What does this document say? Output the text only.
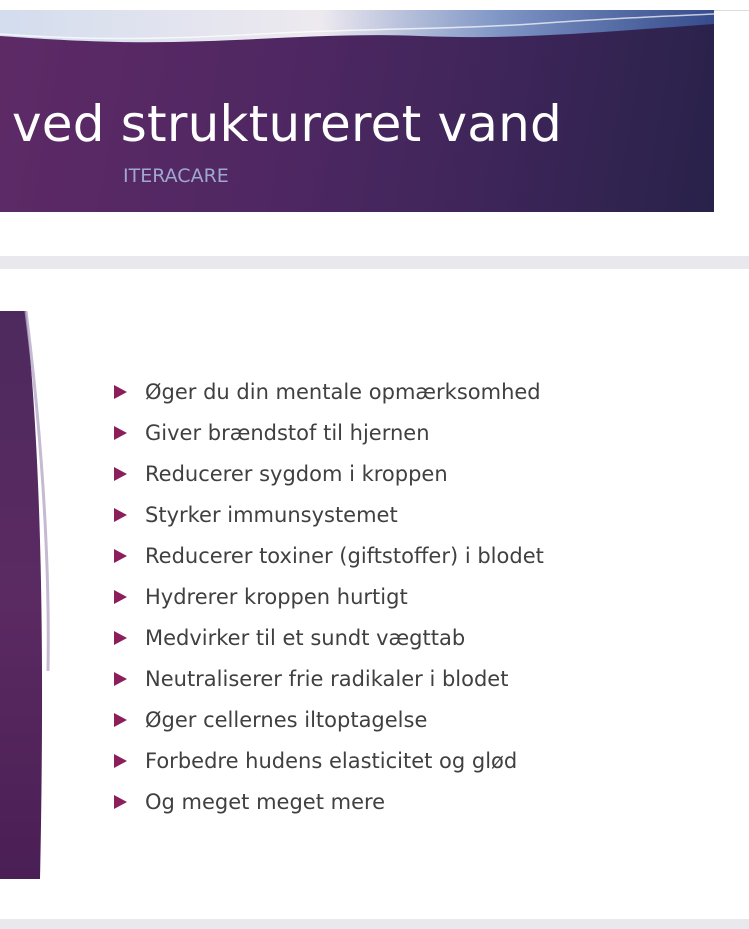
ved struktureret vand
ITERACARE
Øger du din mentale opmærksomhed
Giver brændstof til hjernen
Reducerer sygdom i kroppen
Styrker immunsystemet
Reducerer toxiner (giftstoffer) i blodet
Hydrerer kroppen hurtigt
Medvirker til et sundt vægttab
Neutraliserer frie radikaler i blodet
Øger cellernes iltoptagelse
Forbedre hudens elasticitet og glød
Og meget meget mere
